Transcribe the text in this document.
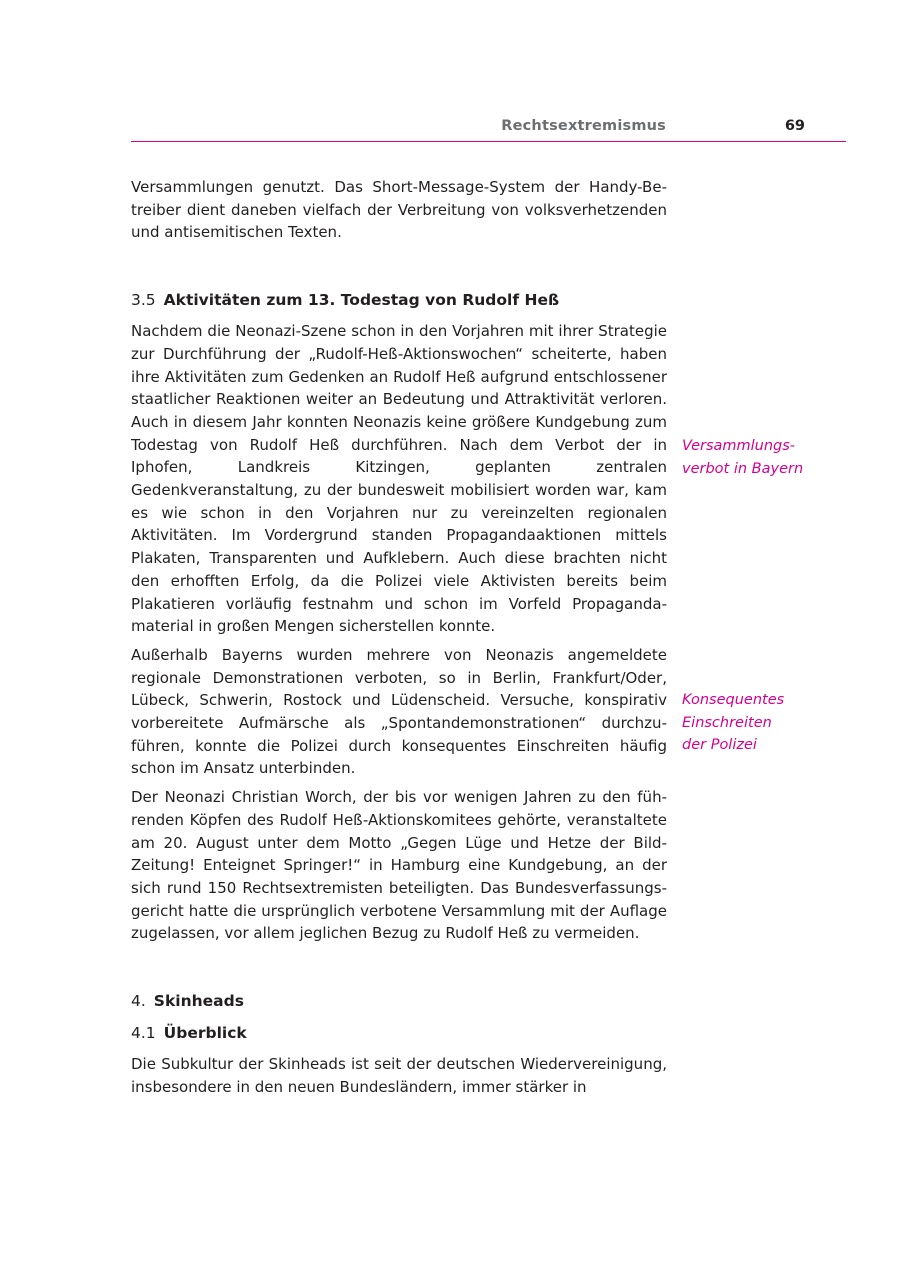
Rechtsextremismus	69

Versammlungen genutzt. Das Short-Message-System der Handy-Betreiber dient daneben vielfach der Verbreitung von volksverhetzenden und antisemitischen Texten.

3.5 Aktivitäten zum 13. Todestag von Rudolf Heß

Nachdem die Neonazi-Szene schon in den Vorjahren mit ihrer Strategie zur Durchführung der „Rudolf-Heß-Aktionswochen“ scheiterte, haben ihre Aktivitäten zum Gedenken an Rudolf Heß aufgrund entschlossener staatlicher Reaktionen weiter an Bedeutung und Attraktivität verloren. Auch in diesem Jahr konnten Neonazis keine größere Kundgebung zum Todestag von Rudolf Heß durchführen. Nach dem Verbot der in Iphofen, Landkreis Kitzingen, geplanten zentralen Gedenkveranstaltung, zu der bundesweit mobilisiert worden war, kam es wie schon in den Vorjahren nur zu vereinzelten regionalen Aktivitäten. Im Vordergrund standen Propagandaaktionen mittels Plakaten, Transparenten und Aufklebern. Auch diese brachten nicht den erhofften Erfolg, da die Polizei viele Aktivisten bereits beim Plakatieren vorläufig festnahm und schon im Vorfeld Propagandamaterial in großen Mengen sicherstellen konnte.

Außerhalb Bayerns wurden mehrere von Neonazis angemeldete regionale Demonstrationen verboten, so in Berlin, Frankfurt/Oder, Lübeck, Schwerin, Rostock und Lüdenscheid. Versuche, konspirativ vorbereitete Aufmärsche als „Spontandemonstrationen“ durchzuführen, konnte die Polizei durch konsequentes Einschreiten häufig schon im Ansatz unterbinden.

Der Neonazi Christian Worch, der bis vor wenigen Jahren zu den führenden Köpfen des Rudolf Heß-Aktionskomitees gehörte, veranstaltete am 20. August unter dem Motto „Gegen Lüge und Hetze der Bild-Zeitung! Enteignet Springer!“ in Hamburg eine Kundgebung, an der sich rund 150 Rechtsextremisten beteiligten. Das Bundesverfassungsgericht hatte die ursprünglich verbotene Versammlung mit der Auflage zugelassen, vor allem jeglichen Bezug zu Rudolf Heß zu vermeiden.

4. Skinheads
4.1 Überblick

Die Subkultur der Skinheads ist seit der deutschen Wiedervereinigung, insbesondere in den neuen Bundesländern, immer stärker in

Versammlungs-
verbot in Bayern
Konsequentes
Einschreiten
der Polizei
